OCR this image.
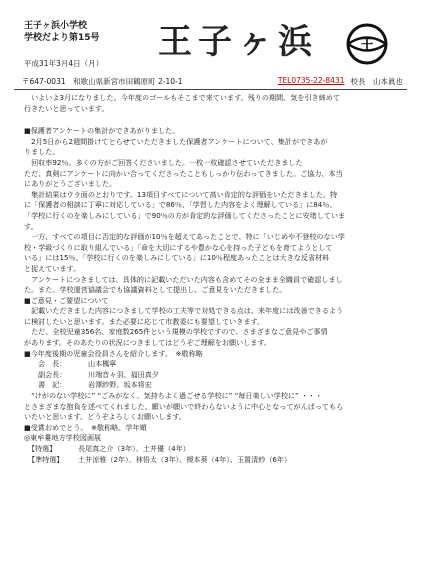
王子ヶ浜小学校
学校だより第15号 王子ヶ浜	王
平成31年3月4日（月）
〒647-0031　和歌山県新宮市田鶴原町 2-10-1	TEL0735-22-8431 校長　山本眞也

いよいよ3月になりました。今年度のゴールもそこまで来ています。残りの期間、気を引き締めて

行きたいと思っています。

■保護者アンケートの集計ができあがりました。

　2月5日から2週間掛けてとらせていただきました保護者アンケートについて、集計ができあが

りました。

　回収率92％。多くの方がご回答くださいました。一枚一枚確認させていただきました

ただ、真剣にアンケートに向かい合ってくださったこともしっかり伝わってきました。ご協力、本当

にありがとうございました。

　集計結果はウラ面のとおりです。13項目すべてについて高い肯定的な評価をいただきました。特

に「保護者の相談に丁寧に対応している」で86％、「学習した内容をよく理解している」に84％、

「学校に行くのを楽しみにしている」で90％の方が肯定的な評価してくださったことに安堵していま

す。

　一方、すべての項目に否定的な評価が10％を超えてあったことで、特に「いじめや不登校のない学

校・学級づくりに取り組んでいる」「命を大切にするや豊かな心を持った子どもを育てようとして

いる」には15％、「学校に行くのを楽しみにしている」に10％程度あったことは大きな反省材料

と捉えています。

　アンケートにつきましては、具体的に記載いただいた内容も含めてその全まま全職員で確認しまし

た。また、学校運営協議会でも協議資料として提出し、ご意見をいただきました。

■ご意見・ご要望について

　記載いただきました内容につきまして学校の工夫等で対処できる点は、来年度には改善できるよう

に検討したいと思います。また必要に応じて市教委にも要望していきます。

　ただ、全校児童356名、家庭数265件という規模の学校ですので、さまざまなご意見やご事情

があります。そのあたりの状況につきましてはどうぞご理解をお願いします。

■今年度後期の児童会役員さんを紹介します。　※敬称略

会　長：	山本楓寧
副会長：	川端音々羽、福田真夕
書　記：	岩澤紗野、坂本将宏

　“けがのない学校に” “ごみがなく、気持ちよく過ごせる学校に” “毎日楽しい学校に” ・・・

とさまざまな抱負を述べてくれました。願いが願いで終わらないように中心となってがんばってもら

いたいと思います。どうぞよろしくお願いします。

■受賞おめでとう。　※敬称略、学年順

◎東牟婁地方学校図画展

【特選】	長尾真之介（3年）、土井優（4年）
【準特選】	土井涼雅（2年）、林悟太（3年）、榎本葵（4年）、玉置清紗（6年）
